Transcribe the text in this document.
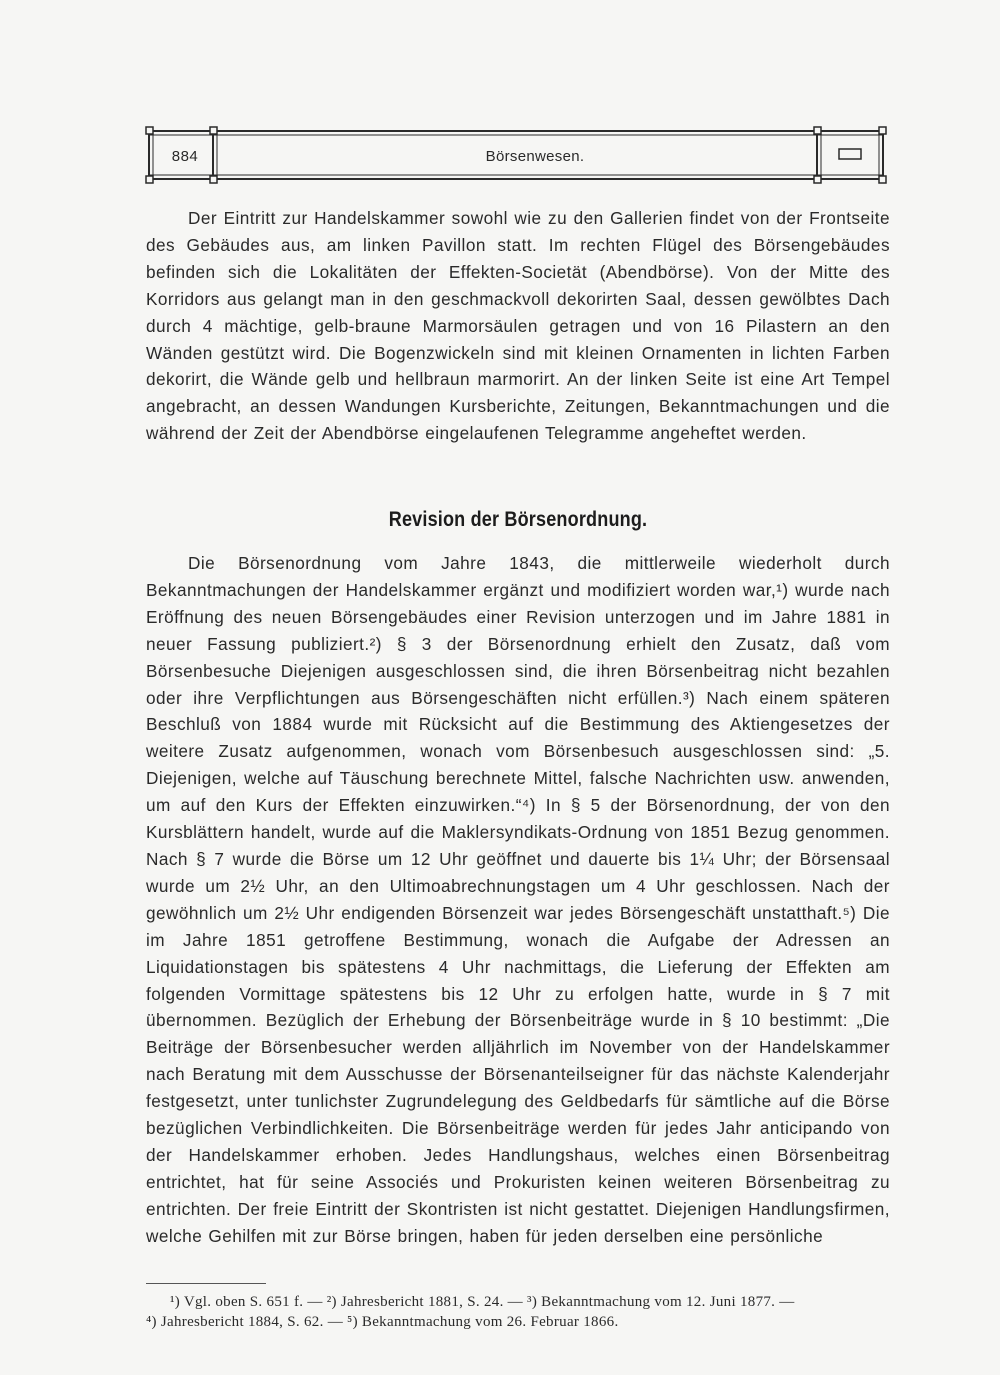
884	Börsenwesen.

Der Eintritt zur Handelskammer sowohl wie zu den Gallerien findet von der Frontseite des Gebäudes aus, am linken Pavillon statt. Im rechten Flügel des Börsengebäudes befinden sich die Lokalitäten der Effekten-Societät (Abendbörse). Von der Mitte des Korridors aus gelangt man in den geschmackvoll dekorirten Saal, dessen gewölbtes Dach durch 4 mächtige, gelb-braune Marmorsäulen getragen und von 16 Pilastern an den Wänden gestützt wird. Die Bogenzwickeln sind mit kleinen Ornamenten in lichten Farben dekorirt, die Wände gelb und hellbraun marmorirt. An der linken Seite ist eine Art Tempel angebracht, an dessen Wandungen Kursberichte, Zeitungen, Bekanntmachungen und die während der Zeit der Abendbörse eingelaufenen Telegramme angeheftet werden.

Revision der Börsenordnung.

Die Börsenordnung vom Jahre 1843, die mittlerweile wiederholt durch Bekanntmachungen der Handelskammer ergänzt und modifiziert worden war,¹) wurde nach Eröffnung des neuen Börsengebäudes einer Revision unterzogen und im Jahre 1881 in neuer Fassung publiziert.²) § 3 der Börsenordnung erhielt den Zusatz, daß vom Börsenbesuche Diejenigen ausgeschlossen sind, die ihren Börsenbeitrag nicht bezahlen oder ihre Verpflichtungen aus Börsengeschäften nicht erfüllen.³) Nach einem späteren Beschluß von 1884 wurde mit Rücksicht auf die Bestimmung des Aktiengesetzes der weitere Zusatz aufgenommen, wonach vom Börsenbesuch ausgeschlossen sind: „5. Diejenigen, welche auf Täuschung berechnete Mittel, falsche Nachrichten usw. anwenden, um auf den Kurs der Effekten einzuwirken.“⁴) In § 5 der Börsenordnung, der von den Kursblättern handelt, wurde auf die Maklersyndikats-Ordnung von 1851 Bezug genommen. Nach § 7 wurde die Börse um 12 Uhr geöffnet und dauerte bis 1¼ Uhr; der Börsensaal wurde um 2½ Uhr, an den Ultimoabrechnungstagen um 4 Uhr geschlossen. Nach der gewöhnlich um 2½ Uhr endigenden Börsenzeit war jedes Börsengeschäft unstatthaft.⁵) Die im Jahre 1851 getroffene Bestimmung, wonach die Aufgabe der Adressen an Liquidationstagen bis spätestens 4 Uhr nachmittags, die Lieferung der Effekten am folgenden Vormittage spätestens bis 12 Uhr zu erfolgen hatte, wurde in § 7 mit übernommen. Bezüglich der Erhebung der Börsenbeiträge wurde in § 10 bestimmt: „Die Beiträge der Börsenbesucher werden alljährlich im November von der Handelskammer nach Beratung mit dem Ausschusse der Börsenanteilseigner für das nächste Kalenderjahr festgesetzt, unter tunlichster Zugrundelegung des Geldbedarfs für sämtliche auf die Börse bezüglichen Verbindlichkeiten. Die Börsenbeiträge werden für jedes Jahr anticipando von der Handelskammer erhoben. Jedes Handlungshaus, welches einen Börsenbeitrag entrichtet, hat für seine Associés und Prokuristen keinen weiteren Börsenbeitrag zu entrichten. Der freie Eintritt der Skontristen ist nicht gestattet. Diejenigen Handlungsfirmen, welche Gehilfen mit zur Börse bringen, haben für jeden derselben eine persönliche

¹) Vgl. oben S. 651 f. — ²) Jahresbericht 1881, S. 24. — ³) Bekanntmachung vom 12. Juni 1877. —

⁴) Jahresbericht 1884, S. 62. — ⁵) Bekanntmachung vom 26. Februar 1866.
